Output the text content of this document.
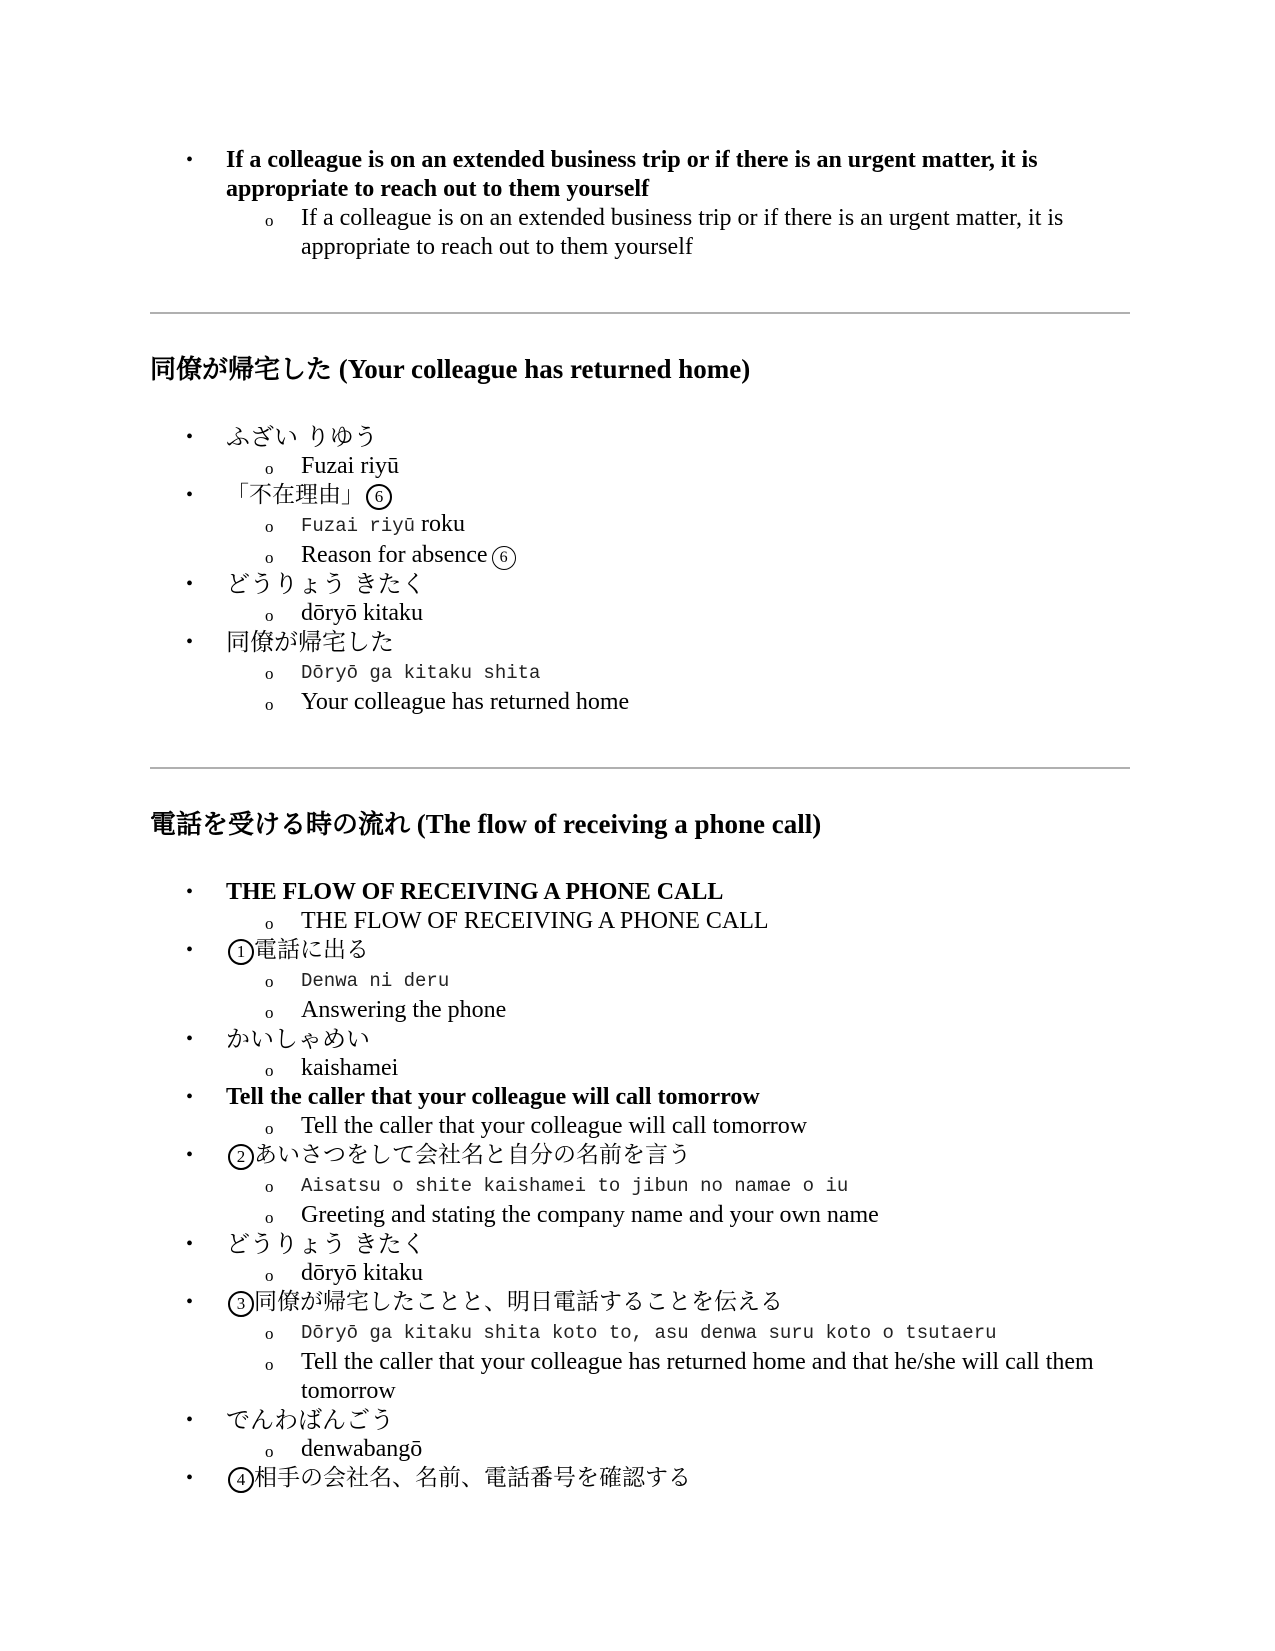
• If a colleague is on an extended business trip or if there is an urgent matter, it is appropriate to reach out to them yourself
o If a colleague is on an extended business trip or if there is an urgent matter, it is appropriate to reach out to them yourself
同僚が帰宅した (Your colleague has returned home)
• ふざい りゆう
o Fuzai riyū
• 「不在理由」 6
o Fuzai riyū roku
o Reason for absence 6
• どうりょう きたく
o dōryō kitaku
• 同僚が帰宅した
o Dōryō ga kitaku shita
o Your colleague has returned home
電話を受ける時の流れ (The flow of receiving a phone call)
• THE FLOW OF RECEIVING A PHONE CALL
o THE FLOW OF RECEIVING A PHONE CALL
• 1 電話に出る
o Denwa ni deru
o Answering the phone
• かいしゃめい
o kaishamei
• Tell the caller that your colleague will call tomorrow
o Tell the caller that your colleague will call tomorrow
• 2 あいさつをして会社名と自分の名前を言う
o Aisatsu o shite kaishamei to jibun no namae o iu
o Greeting and stating the company name and your own name
• どうりょう きたく
o dōryō kitaku
• 3 同僚が帰宅したことと、明日電話することを伝える
o Dōryō ga kitaku shita koto to, asu denwa suru koto o tsutaeru
o Tell the caller that your colleague has returned home and that he/she will call them tomorrow
• でんわばんごう
o denwabangō
• 4 相手の会社名、名前、電話番号を確認する
